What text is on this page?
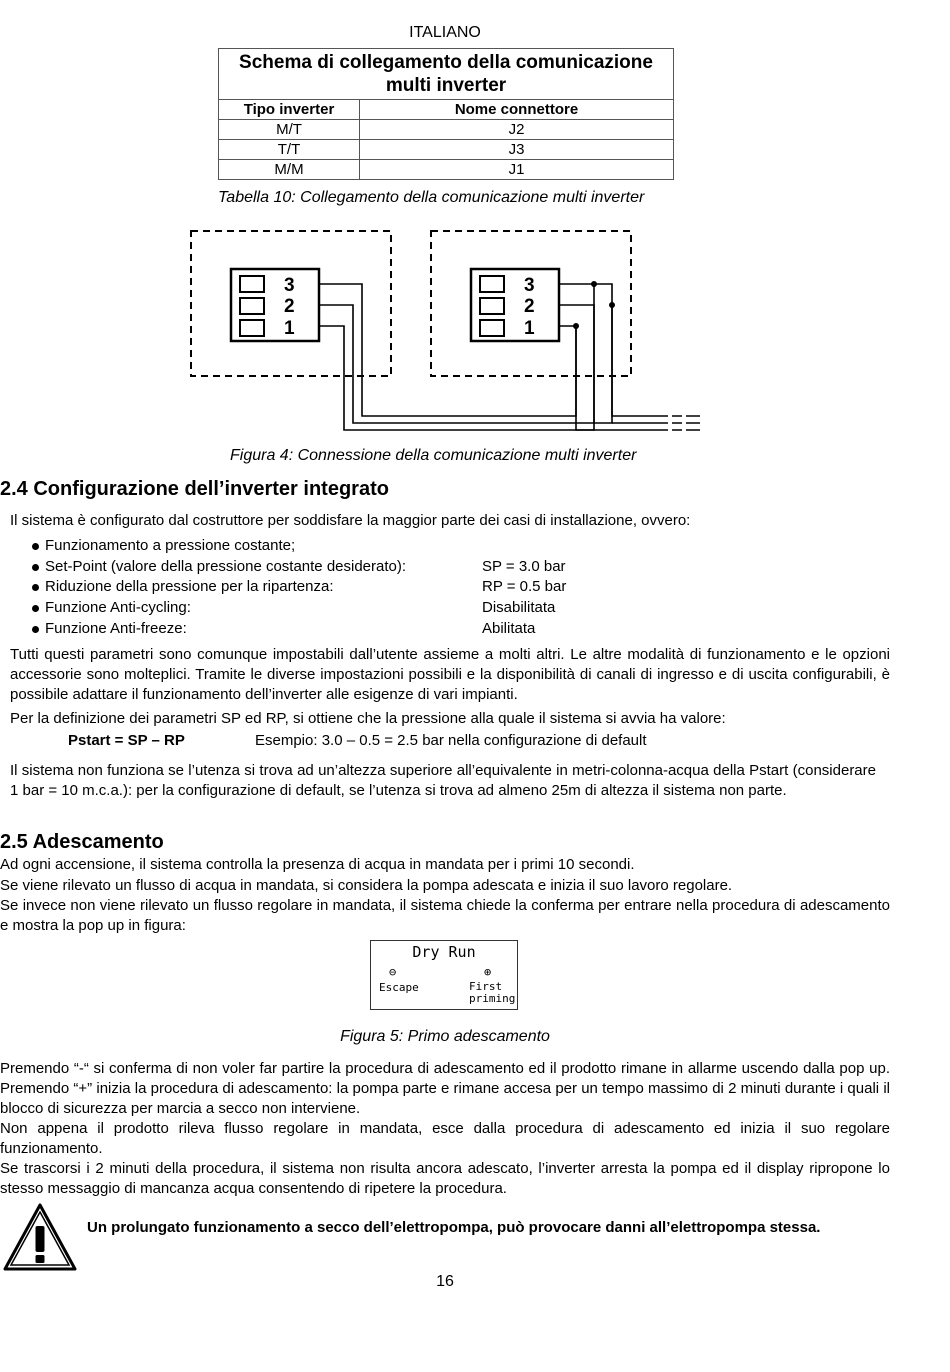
ITALIANO
Schema di collegamento della comunicazione multi inverter	
Tipo inverter	Nome connettore
M/T	J2
T/T	J3
M/M	J1
Tabella 10: Collegamento della comunicazione multi inverter
3
2
1
3
2
1
Figura 4: Connessione della comunicazione multi inverter
2.4 Configurazione dell’inverter integrato
Il sistema è configurato dal costruttore per soddisfare la maggior parte dei casi di installazione, ovvero:
Funzionamento a pressione costante;
Set-Point (valore della pressione costante desiderato):	SP = 3.0 bar
Riduzione della pressione per la ripartenza:	RP = 0.5 bar
Funzione Anti-cycling:	Disabilitata
Funzione Anti-freeze:	Abilitata
Tutti questi parametri sono comunque impostabili dall’utente assieme a molti altri. Le altre modalità di funzionamento e le opzioni accessorie sono molteplici. Tramite le diverse impostazioni possibili e la disponibilità di canali di ingresso e di uscita configurabili, è possibile adattare il funzionamento dell’inverter alle esigenze di vari impianti.
Per la definizione dei parametri SP ed RP, si ottiene che la pressione alla quale il sistema si avvia ha valore:
Pstart = SP – RP	Esempio: 3.0 – 0.5 = 2.5 bar nella configurazione di default
Il sistema non funziona se l’utenza si trova ad un’altezza superiore all’equivalente in metri-colonna-acqua della Pstart (considerare 1 bar = 10 m.c.a.): per la configurazione di default, se l’utenza si trova ad almeno 25m di altezza il sistema non parte.
2.5 Adescamento
Ad ogni accensione, il sistema controlla la presenza di acqua in mandata per i primi 10 secondi.
Se viene rilevato un flusso di acqua in mandata, si considera la pompa adescata e inizia il suo lavoro regolare.
Se invece non viene rilevato un flusso regolare in mandata, il sistema chiede la conferma per entrare nella procedura di adescamento e mostra la pop up in figura:
Dry Run
⊖	⊕
Escape	First
priming
Figura 5: Primo adescamento
Premendo “-“ si conferma di non voler far partire la procedura di adescamento ed il prodotto rimane in allarme uscendo dalla pop up. Premendo “+” inizia la procedura di adescamento: la pompa parte e rimane accesa per un tempo massimo di 2 minuti durante i quali il blocco di sicurezza per marcia a secco non interviene.
Non appena il prodotto rileva flusso regolare in mandata, esce dalla procedura di adescamento ed inizia il suo regolare funzionamento.
Se trascorsi i 2 minuti della procedura, il sistema non risulta ancora adescato, l’inverter arresta la pompa ed il display ripropone lo stesso messaggio di mancanza acqua consentendo di ripetere la procedura.
Un prolungato funzionamento a secco dell’elettropompa, può provocare danni all’elettropompa stessa.
16
